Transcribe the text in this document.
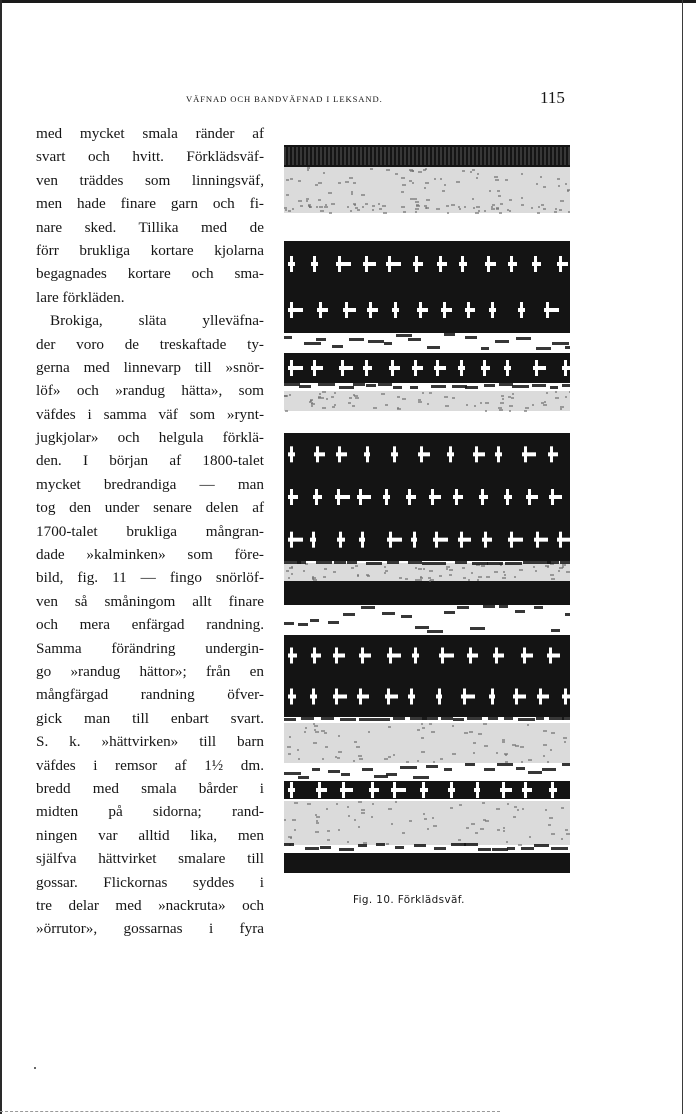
VÄFNAD OCH BANDVÄFNAD I LEKSAND.	115
med mycket smala ränder af
svart och hvitt. Förklädsväf-
ven träddes som linningsväf,
men hade finare garn och fi-
nare sked. Tillika med de
förr brukliga kortare kjolarna
begagnades kortare och sma-
lare förkläden.
Brokiga, släta ylleväfna-
der voro de treskaftade ty-
gerna med linnevarp till »snör-
löf» och »randug hätta», som
väfdes i samma väf som »rynt-
jugkjolar» och helgula förklä-
den. I början af 1800-talet
mycket bredrandiga — man
tog den under senare delen af
1700-talet brukliga mångran-
dade »kalminken» som före-
bild, fig. 11 — fingo snörlöf-
ven så småningom allt finare
och mera enfärgad randning.
Samma förändring undergin-
go »randug hättor»; från en
mångfärgad randning öfver-
gick man till enbart svart.
S. k. »hättvirken» till barn
väfdes i remsor af 1½ dm.
bredd med smala bårder i
midten på sidorna; rand-
ningen var alltid lika, men
själfva hättvirket smalare till
gossar. Flickornas syddes i
tre delar med »nackruta» och
»örrutor», gossarnas i fyra
Fig. 10. Förklädsväf.
